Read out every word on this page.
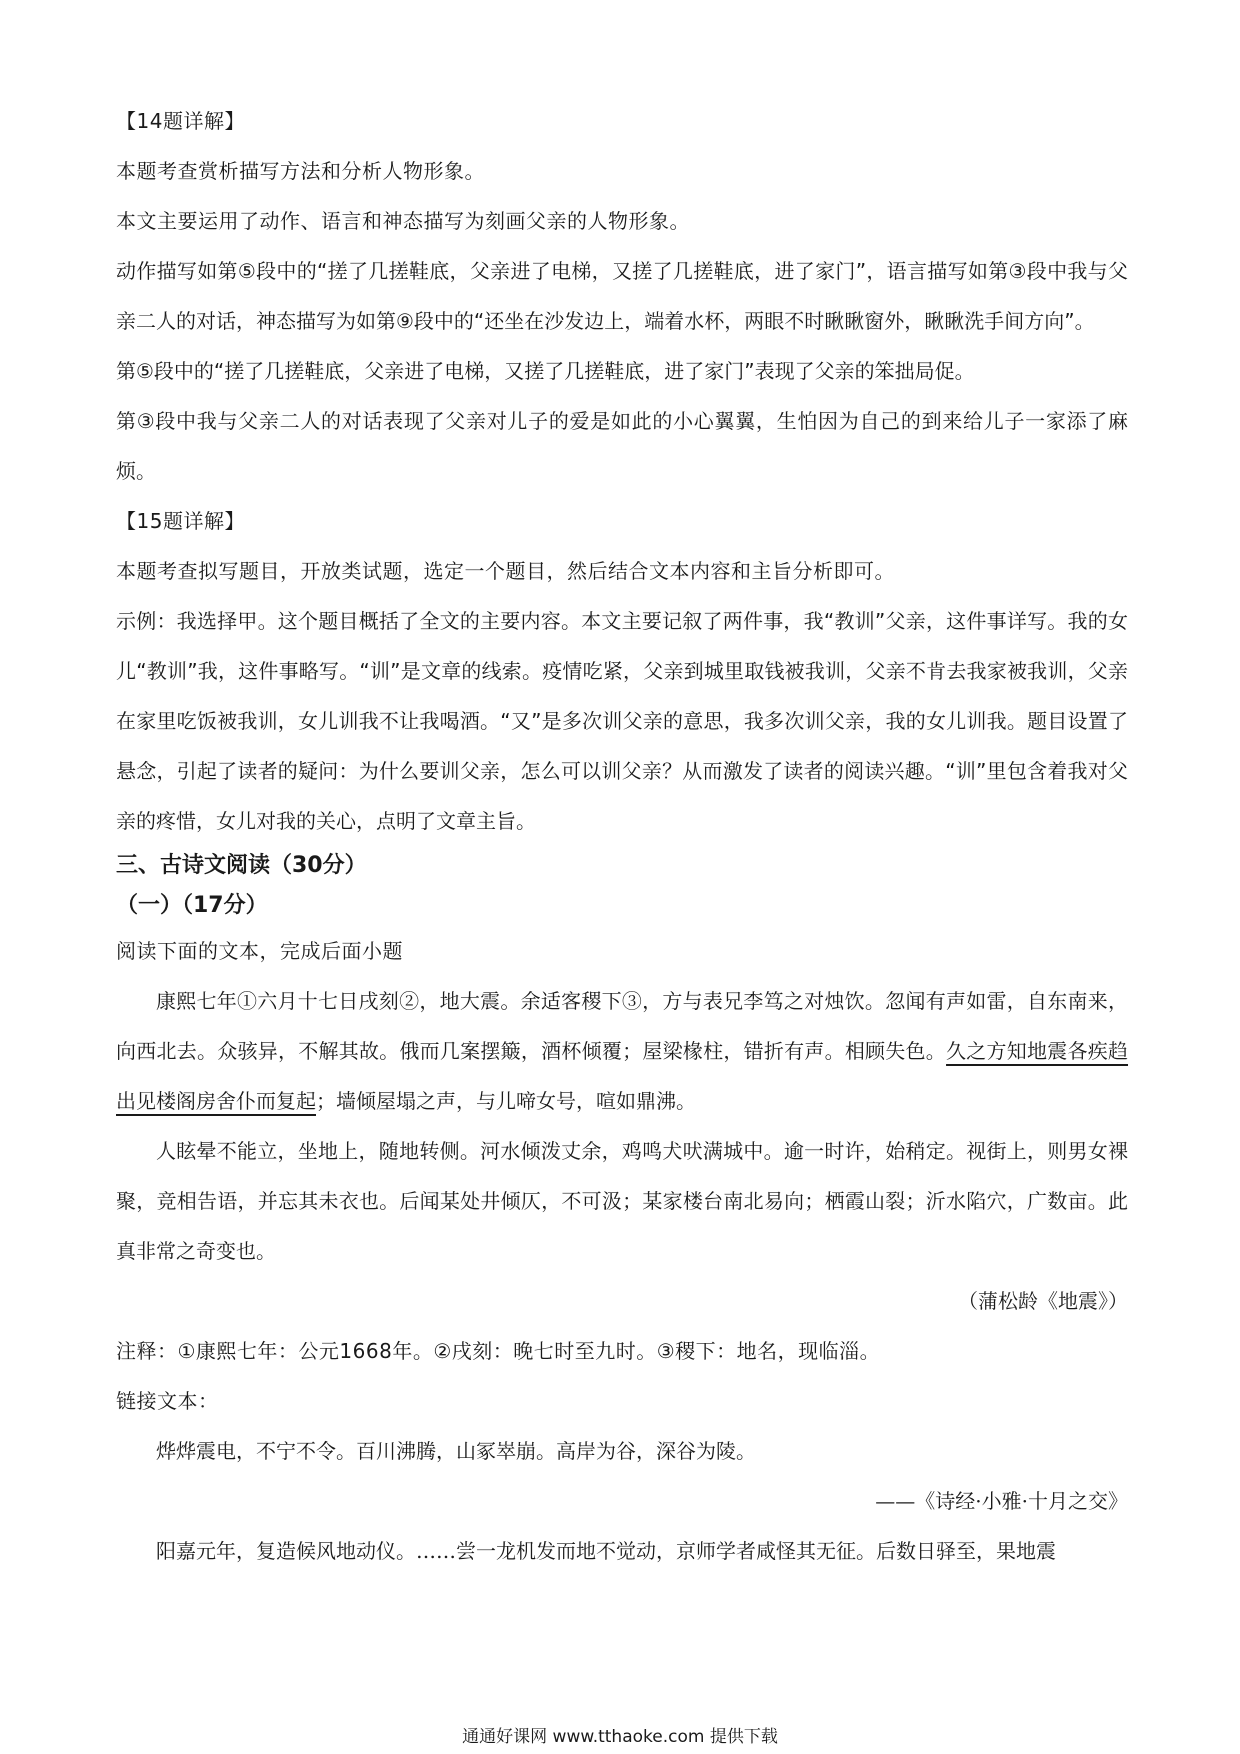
【14题详解】
本题考查赏析描写方法和分析人物形象。
本文主要运用了动作、语言和神态描写为刻画父亲的人物形象。

动作描写如第⑤段中的“搓了几搓鞋底，父亲进了电梯，又搓了几搓鞋底，进了家门”，语言描写如第③段中我与父亲二人的对话，神态描写为如第⑨段中的“还坐在沙发边上，端着水杯，两眼不时瞅瞅窗外，瞅瞅洗手间方向”。

第⑤段中的“搓了几搓鞋底，父亲进了电梯，又搓了几搓鞋底，进了家门”表现了父亲的笨拙局促。

第③段中我与父亲二人的对话表现了父亲对儿子的爱是如此的小心翼翼，生怕因为自己的到来给儿子一家添了麻烦。

【15题详解】
本题考查拟写题目，开放类试题，选定一个题目，然后结合文本内容和主旨分析即可。

示例：我选择甲。这个题目概括了全文的主要内容。本文主要记叙了两件事，我“教训”父亲，这件事详写。我的女儿“教训”我，这件事略写。“训”是文章的线索。疫情吃紧，父亲到城里取钱被我训，父亲不肯去我家被我训，父亲在家里吃饭被我训，女儿训我不让我喝酒。“又”是多次训父亲的意思，我多次训父亲，我的女儿训我。题目设置了悬念，引起了读者的疑问：为什么要训父亲，怎么可以训父亲？从而激发了读者的阅读兴趣。“训”里包含着我对父亲的疼惜，女儿对我的关心，点明了文章主旨。

三、古诗文阅读（30分）
（一）（17分）
阅读下面的文本，完成后面小题

康熙七年①六月十七日戌刻②，地大震。余适客稷下③，方与表兄李笃之对烛饮。忽闻有声如雷，自东南来，向西北去。众骇异，不解其故。俄而几案摆簸，酒杯倾覆；屋梁椽柱，错折有声。相顾失色。久之方知地震各疾趋出见楼阁房舍仆而复起；墙倾屋塌之声，与儿啼女号，喧如鼎沸。

人眩晕不能立，坐地上，随地转侧。河水倾泼丈余，鸡鸣犬吠满城中。逾一时许，始稍定。视街上，则男女裸聚，竞相告语，并忘其未衣也。后闻某处井倾仄，不可汲；某家楼台南北易向；栖霞山裂；沂水陷穴，广数亩。此真非常之奇变也。

（蒲松龄《地震》）

注释：①康熙七年：公元1668年。②戌刻：晚七时至九时。③稷下：地名，现临淄。
链接文本：

烨烨震电，不宁不令。百川沸腾，山冢崒崩。高岸为谷，深谷为陵。

——《诗经·小雅·十月之交》

阳嘉元年，复造候风地动仪。……尝一龙机发而地不觉动，京师学者咸怪其无征。后数日驿至，果地震

通通好课网 www.tthaoke.com 提供下载
